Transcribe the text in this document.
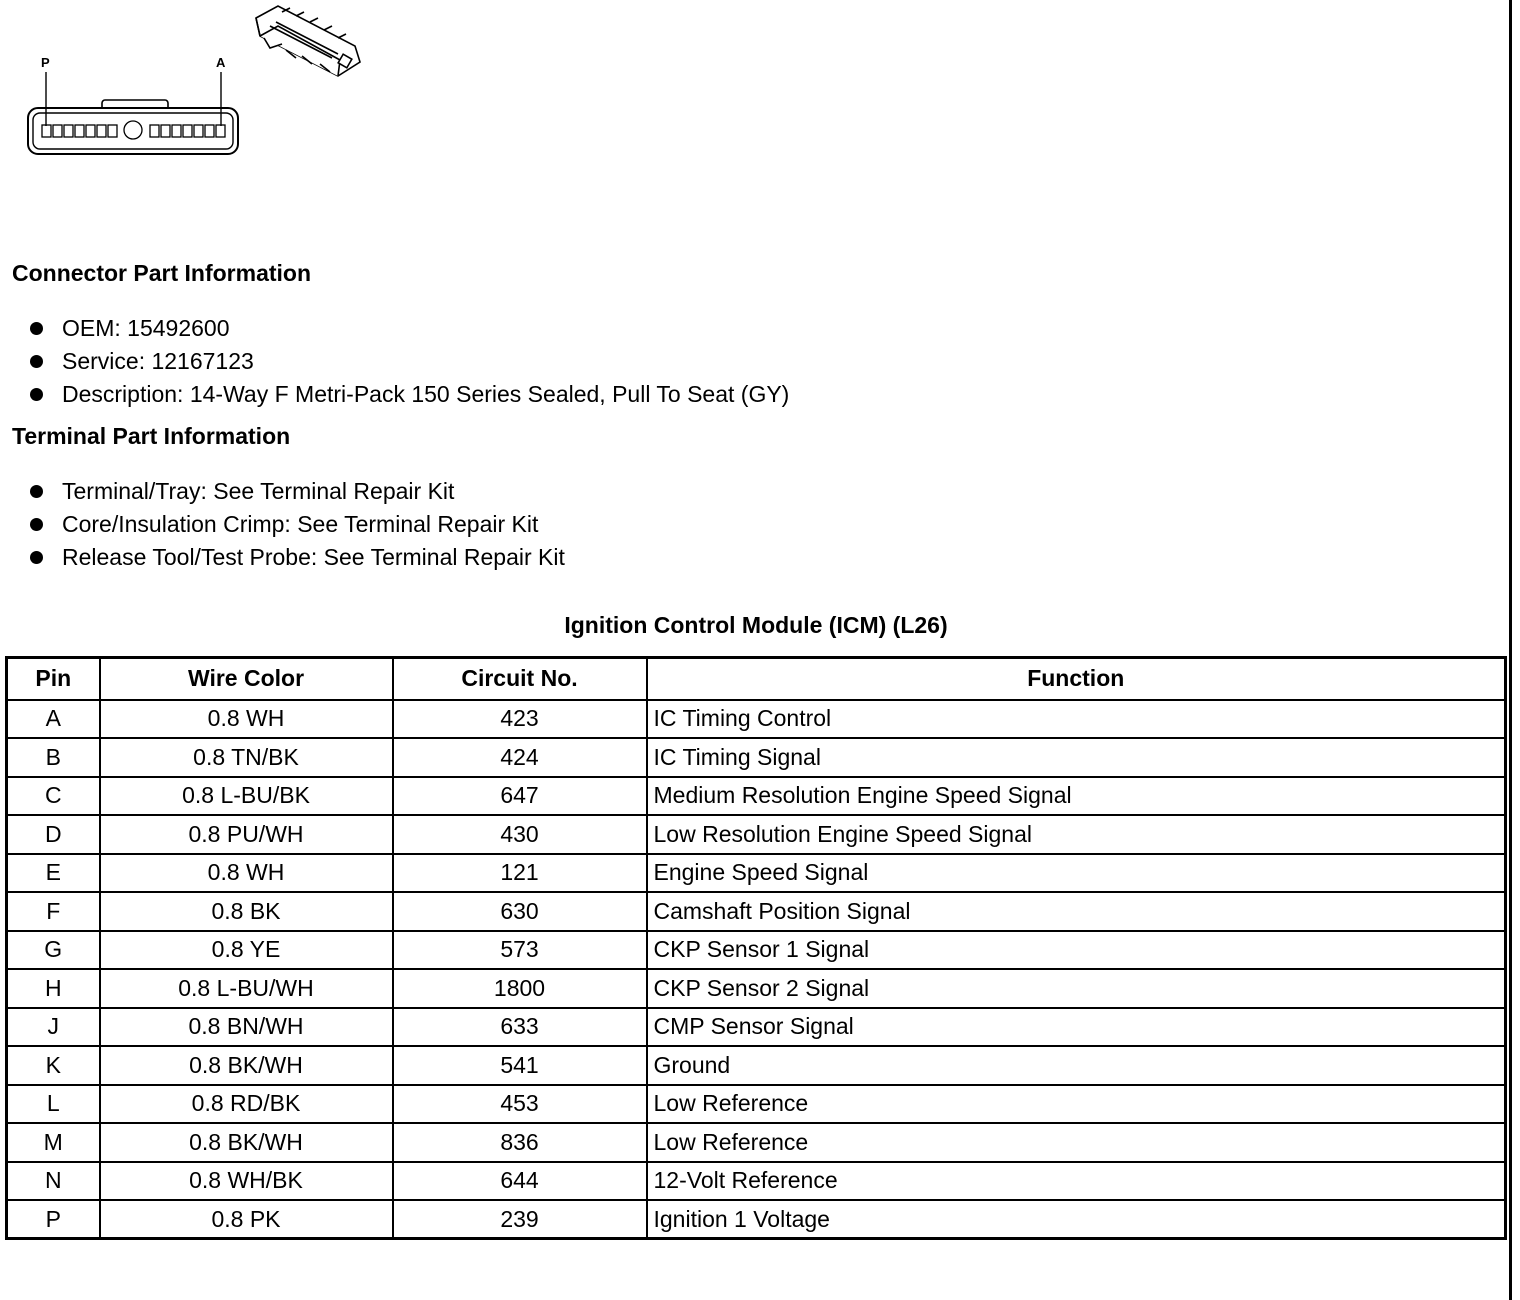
P	A
Connector Part Information
OEM: 15492600
Service: 12167123
Description: 14-Way F Metri-Pack 150 Series Sealed, Pull To Seat (GY)
Terminal Part Information
Terminal/Tray: See Terminal Repair Kit
Core/Insulation Crimp: See Terminal Repair Kit
Release Tool/Test Probe: See Terminal Repair Kit
Ignition Control Module (ICM) (L26)
Pin	Wire Color	Circuit No.	Function
A	0.8 WH	423	IC Timing Control
B	0.8 TN/BK	424	IC Timing Signal
C	0.8 L-BU/BK	647	Medium Resolution Engine Speed Signal
D	0.8 PU/WH	430	Low Resolution Engine Speed Signal
E	0.8 WH	121	Engine Speed Signal
F	0.8 BK	630	Camshaft Position Signal
G	0.8 YE	573	CKP Sensor 1 Signal
H	0.8 L-BU/WH	1800	CKP Sensor 2 Signal
J	0.8 BN/WH	633	CMP Sensor Signal
K	0.8 BK/WH	541	Ground
L	0.8 RD/BK	453	Low Reference
M	0.8 BK/WH	836	Low Reference
N	0.8 WH/BK	644	12-Volt Reference
P	0.8 PK	239	Ignition 1 Voltage
